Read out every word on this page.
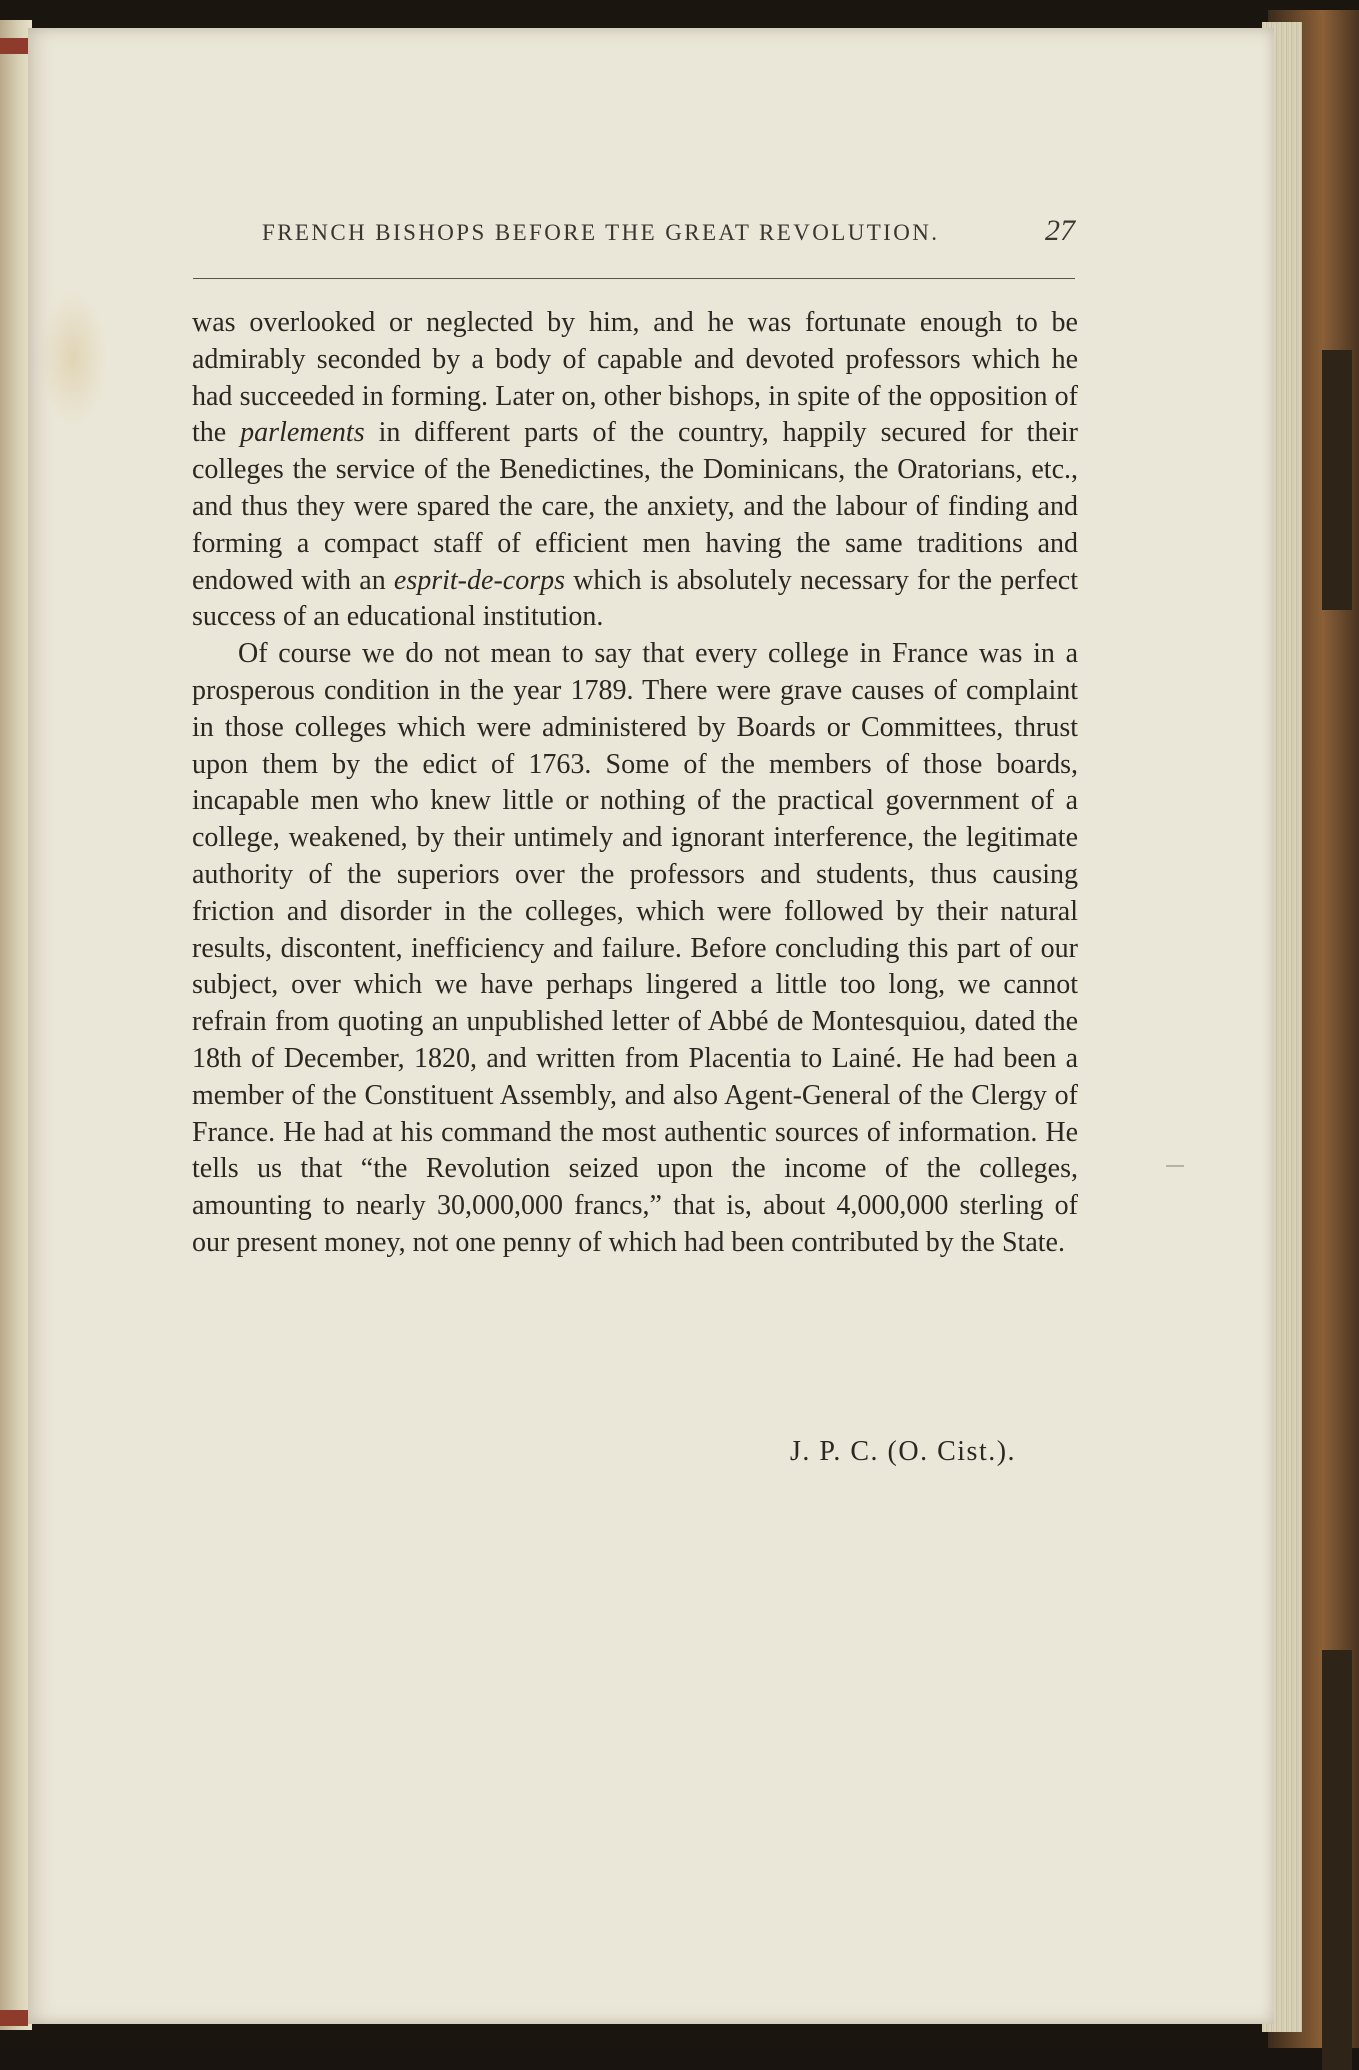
FRENCH BISHOPS BEFORE THE GREAT REVOLUTION.	27

was overlooked or neglected by him, and he was fortunate enough to be admirably seconded by a body of capable and devoted professors which he had succeeded in forming. Later on, other bishops, in spite of the opposition of the parlements in different parts of the country, happily secured for their colleges the service of the Benedictines, the Dominicans, the Oratorians, etc., and thus they were spared the care, the anxiety, and the labour of finding and forming a compact staff of efficient men having the same traditions and endowed with an esprit-de-corps which is absolutely necessary for the perfect success of an educational institution.

Of course we do not mean to say that every college in France was in a prosperous condition in the year 1789. There were grave causes of complaint in those colleges which were administered by Boards or Committees, thrust upon them by the edict of 1763. Some of the members of those boards, incapable men who knew little or nothing of the practical government of a college, weakened, by their untimely and ignorant interference, the legitimate authority of the superiors over the professors and students, thus causing friction and disorder in the colleges, which were followed by their natural results, discontent, inefficiency and failure. Before concluding this part of our subject, over which we have perhaps lingered a little too long, we cannot refrain from quoting an unpublished letter of Abbé de Montesquiou, dated the 18th of December, 1820, and written from Placentia to Lainé. He had been a member of the Constituent Assembly, and also Agent-General of the Clergy of France. He had at his command the most authentic sources of information. He tells us that “the Revolution seized upon the income of the colleges, amounting to nearly 30,000,000 francs,” that is, about 4,000,000 sterling of our present money, not one penny of which had been contributed by the State.

J. P. C. (O. Cist.).
